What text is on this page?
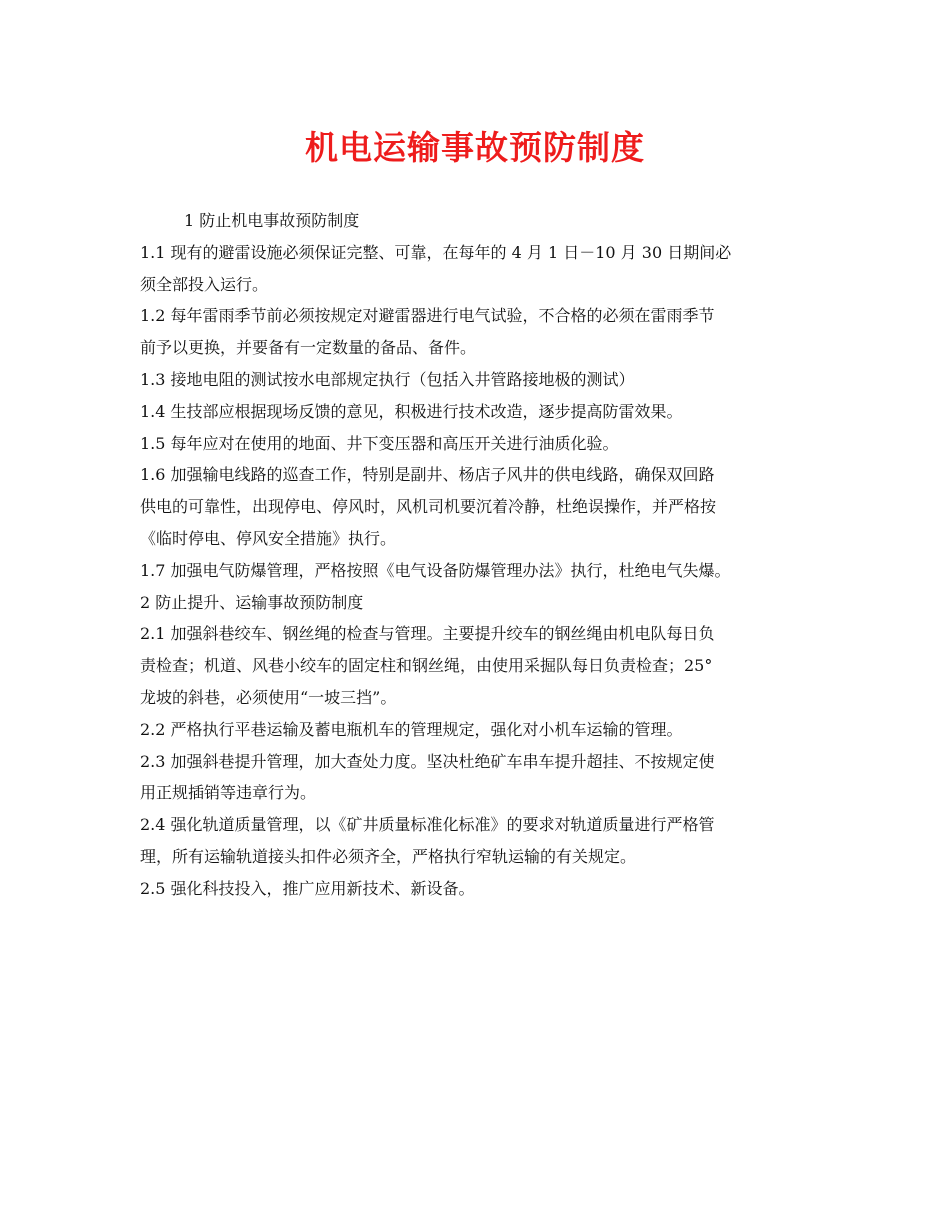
机电运输事故预防制度

1 防止机电事故预防制度

1.1 现有的避雷设施必须保证完整、可靠，在每年的 4 月 1 日－10 月 30 日期间必

须全部投入运行。

1.2 每年雷雨季节前必须按规定对避雷器进行电气试验，不合格的必须在雷雨季节

前予以更换，并要备有一定数量的备品、备件。

1.3 接地电阻的测试按水电部规定执行（包括入井管路接地极的测试）

1.4 生技部应根据现场反馈的意见，积极进行技术改造，逐步提高防雷效果。

1.5 每年应对在使用的地面、井下变压器和高压开关进行油质化验。

1.6 加强输电线路的巡查工作，特别是副井、杨店子风井的供电线路，确保双回路

供电的可靠性，出现停电、停风时，风机司机要沉着冷静，杜绝误操作，并严格按

《临时停电、停风安全措施》执行。

1.7 加强电气防爆管理，严格按照《电气设备防爆管理办法》执行，杜绝电气失爆。

2 防止提升、运输事故预防制度

2.1 加强斜巷绞车、钢丝绳的检查与管理。主要提升绞车的钢丝绳由机电队每日负

责检查；机道、风巷小绞车的固定柱和钢丝绳，由使用采掘队每日负责检查；25°

龙坡的斜巷，必须使用“一坡三挡”。

2.2 严格执行平巷运输及蓄电瓶机车的管理规定，强化对小机车运输的管理。

2.3 加强斜巷提升管理，加大查处力度。坚决杜绝矿车串车提升超挂、不按规定使

用正规插销等违章行为。

2.4 强化轨道质量管理，以《矿井质量标准化标准》的要求对轨道质量进行严格管

理，所有运输轨道接头扣件必须齐全，严格执行窄轨运输的有关规定。

2.5 强化科技投入，推广应用新技术、新设备。
